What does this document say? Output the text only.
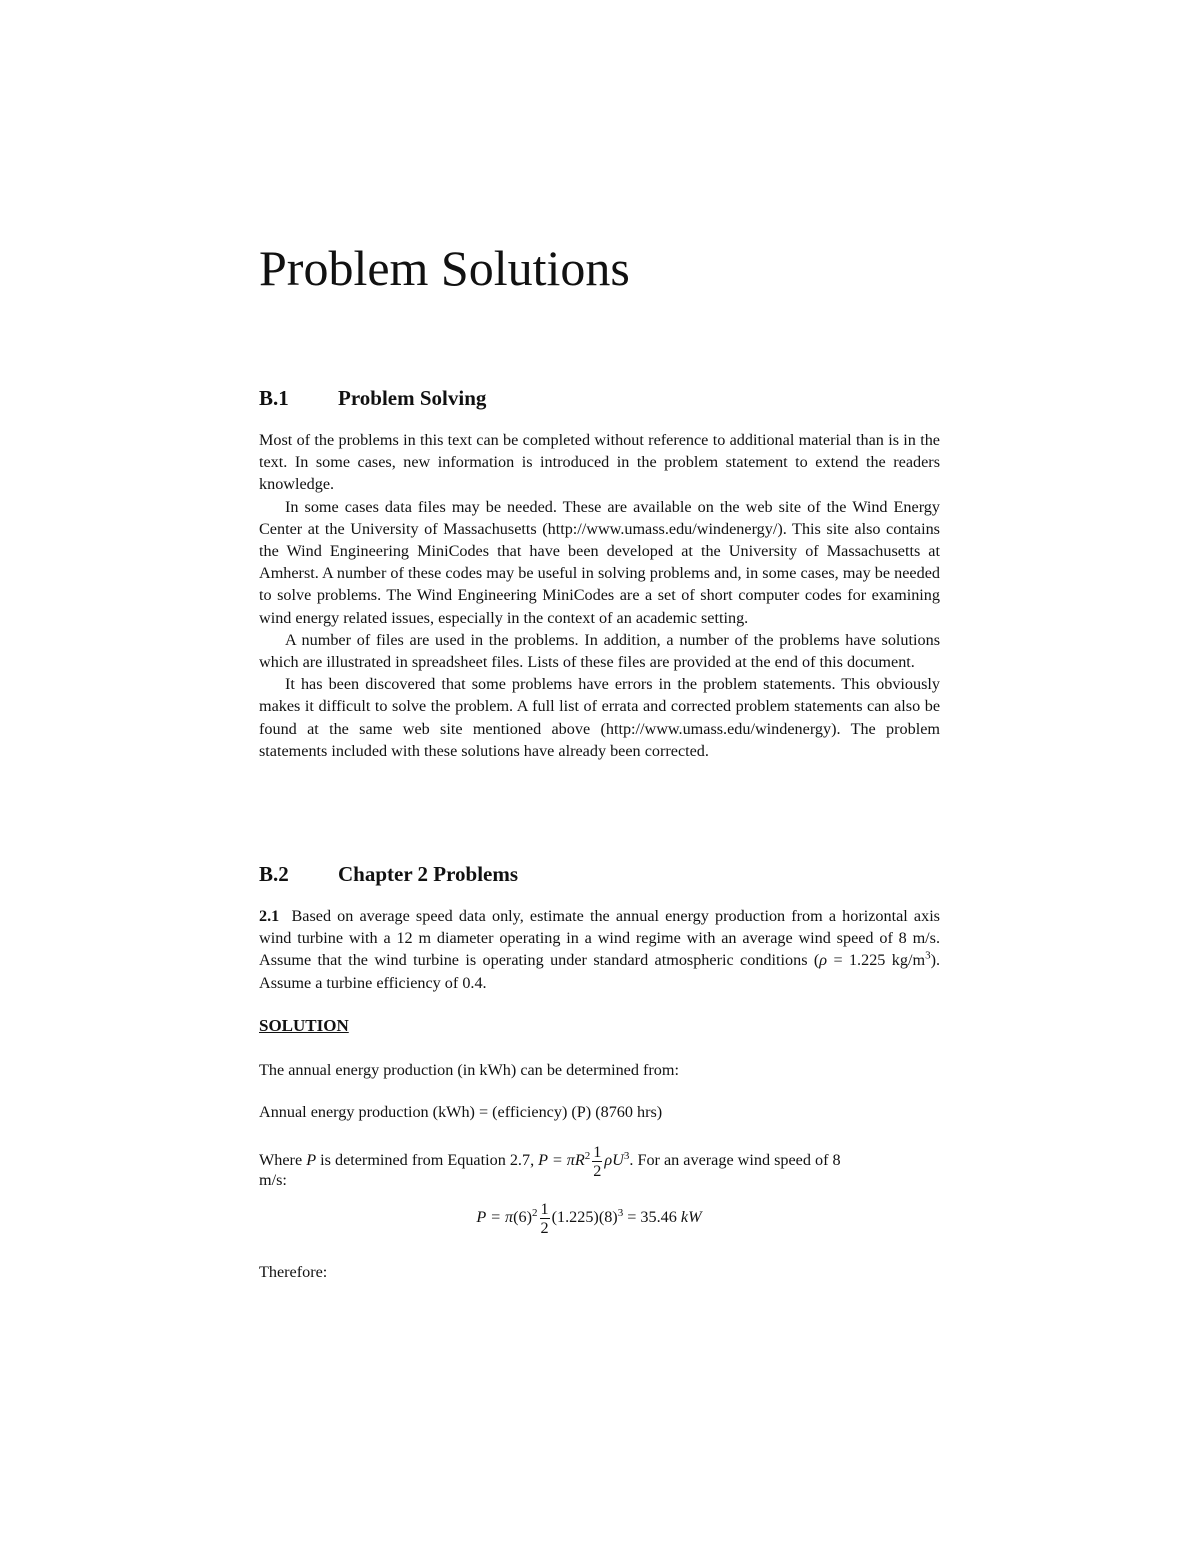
Problem Solutions
B.1 Problem Solving

Most of the problems in this text can be completed without reference to additional material than is in the text. In some cases, new information is introduced in the problem statement to extend the readers knowledge.

In some cases data files may be needed. These are available on the web site of the Wind Energy Center at the University of Massachusetts (http://www.umass.edu/windenergy/). This site also contains the Wind Engineering MiniCodes that have been developed at the University of Massachusetts at Amherst. A number of these codes may be useful in solving problems and, in some cases, may be needed to solve problems. The Wind Engineering MiniCodes are a set of short computer codes for examining wind energy related issues, especially in the context of an academic setting.

A number of files are used in the problems. In addition, a number of the problems have solutions which are illustrated in spreadsheet files. Lists of these files are provided at the end of this document.

It has been discovered that some problems have errors in the problem statements. This obviously makes it difficult to solve the problem. A full list of errata and corrected problem statements can also be found at the same web site mentioned above (http://www.umass.edu/windenergy). The problem statements included with these solutions have already been corrected.

B.2 Chapter 2 Problems

2.1 Based on average speed data only, estimate the annual energy production from a horizontal axis wind turbine with a 12 m diameter operating in a wind regime with an average wind speed of 8 m/s. Assume that the wind turbine is operating under standard atmospheric conditions (ρ = 1.225 $kg/m^3$). Assume a turbine efficiency of 0.4.

SOLUTION

The annual energy production (in kWh) can be determined from:

Annual energy production (kWh) = (efficiency) (P) (8760 hrs)

Where P is determined from Equation 2.7, $P = \pi R^2 \frac{1}{2} \rho U^3$. For an average wind speed of 8

m/s:

$P = \pi(6)^2 \frac{1}{2} (1.225)(8)^3 = 35.46$ kW

Therefore:
